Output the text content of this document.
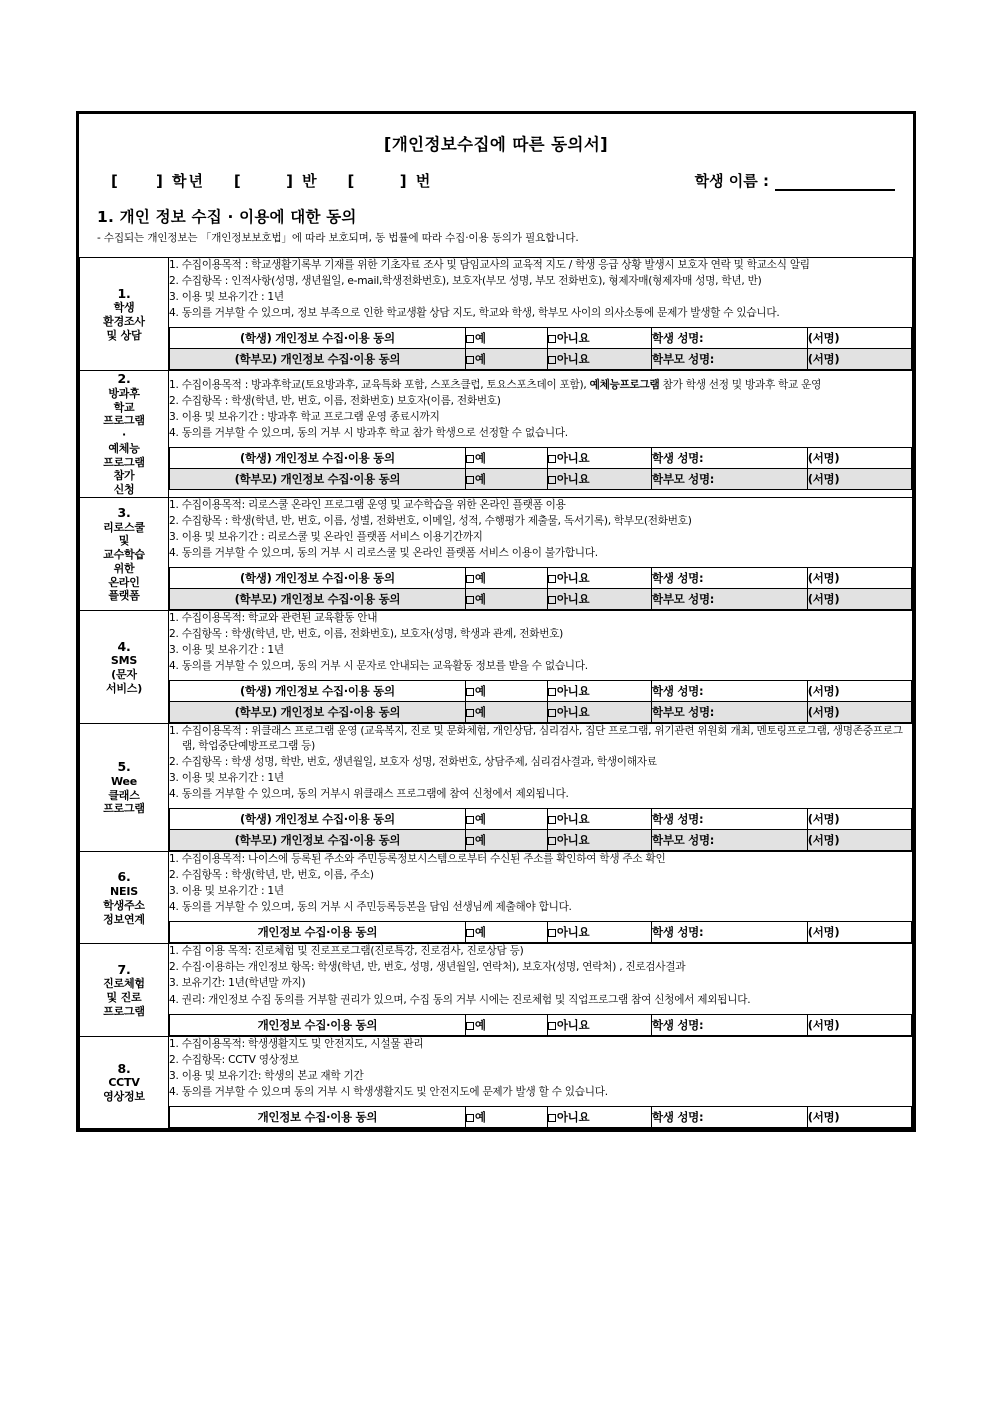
[개인정보수집에 따른 동의서]
[     ] 학년    [      ] 반    [      ] 번	학생 이름 :
1. 개인 정보 수집 · 이용에 대한 동의
- 수집되는 개인정보는 「개인정보보호법」에 따라 보호되며, 동 법률에 따라 수집·이용 동의가 필요합니다.
1.
학생
환경조사
및 상담

1. 수집이용목적 : 학교생활기록부 기재를 위한 기초자료 조사 및 담임교사의 교육적 지도 / 학생 응급 상황 발생시 보호자 연락 및 학교소식 알림
2. 수집항목 : 인적사항(성명, 생년월일, e-mail,학생전화번호), 보호자(부모 성명, 부모 전화번호), 형제자매(형제자매 성명, 학년, 반)
3. 이용 및 보유기간 : 1년
4. 동의를 거부할 수 있으며, 정보 부족으로 인한 학교생활 상담 지도, 학교와 학생, 학부모 사이의 의사소통에 문제가 발생할 수 있습니다.
(학생) 개인정보 수집·이용 동의	예	아니요	학생 성명:	(서명)
(학부모) 개인정보 수집·이용 동의	예	아니요	학부모 성명:	(서명)

2.
방과후
학교
프로그램
·
예체능
프로그램
참가
신청

1. 수집이용목적 : 방과후학교(토요방과후, 교육특화 포함, 스포츠클럽, 토요스포츠데이 포함), 예체능프로그램 참가 학생 선정 및 방과후 학교 운영
2. 수집항목 : 학생(학년, 반, 번호, 이름, 전화번호) 보호자(이름, 전화번호)
3. 이용 및 보유기간 : 방과후 학교 프로그램 운영 종료시까지
4. 동의를 거부할 수 있으며, 동의 거부 시 방과후 학교 참가 학생으로 선정할 수 없습니다.
(학생) 개인정보 수집·이용 동의	예	아니요	학생 성명:	(서명)
(학부모) 개인정보 수집·이용 동의	예	아니요	학부모 성명:	(서명)

3.
리로스쿨
및
교수학습
위한
온라인
플랫폼

1. 수집이용목적: 리로스쿨 온라인 프로그램 운영 및 교수학습을 위한 온라인 플랫폼 이용
2. 수집항목 : 학생(학년, 반, 번호, 이름, 성별, 전화번호, 이메일, 성적, 수행평가 제출물, 독서기록), 학부모(전화번호)
3. 이용 및 보유기간 : 리로스쿨 및 온라인 플랫폼 서비스 이용기간까지
4. 동의를 거부할 수 있으며, 동의 거부 시 리로스쿨 및 온라인 플랫폼 서비스 이용이 불가합니다.
(학생) 개인정보 수집·이용 동의	예	아니요	학생 성명:	(서명)
(학부모) 개인정보 수집·이용 동의	예	아니요	학부모 성명:	(서명)

4.
SMS
(문자
서비스)

1. 수집이용목적: 학교와 관련된 교육활동 안내
2. 수집항목 : 학생(학년, 반, 번호, 이름, 전화번호), 보호자(성명, 학생과 관계, 전화번호)
3. 이용 및 보유기간 : 1년
4. 동의를 거부할 수 있으며, 동의 거부 시 문자로 안내되는 교육활동 정보를 받을 수 없습니다.
(학생) 개인정보 수집·이용 동의	예	아니요	학생 성명:	(서명)
(학부모) 개인정보 수집·이용 동의	예	아니요	학부모 성명:	(서명)

5.
Wee
클래스
프로그램

1. 수집이용목적 : 위클래스 프로그램 운영 (교육복지, 진로 및 문화체험, 개인상담, 심리검사, 집단 프로그램, 위기관련 위원회 개최, 멘토링프로그램, 생명존중프로그램, 학업중단예방프로그램 등)
2. 수집항목 : 학생 성명, 학반, 번호, 생년월일, 보호자 성명, 전화번호, 상담주제, 심리검사결과, 학생이해자료
3. 이용 및 보유기간 : 1년
4. 동의를 거부할 수 있으며, 동의 거부시 위클래스 프로그램에 참여 신청에서 제외됩니다.
(학생) 개인정보 수집·이용 동의	예	아니요	학생 성명:	(서명)
(학부모) 개인정보 수집·이용 동의	예	아니요	학부모 성명:	(서명)

6.
NEIS
학생주소
정보연계

1. 수집이용목적: 나이스에 등록된 주소와 주민등록정보시스템으로부터 수신된 주소를 확인하여 학생 주소 확인
2. 수집항목 : 학생(학년, 반, 번호, 이름, 주소)
3. 이용 및 보유기간 : 1년
4. 동의를 거부할 수 있으며, 동의 거부 시 주민등록등본을 담임 선생님께 제출해야 합니다.
개인정보 수집·이용 동의	예	아니요	학생 성명:	(서명)

7.
진로체험
및 진로
프로그램

1. 수집 이용 목적: 진로체험 및 진로프로그램(진로특강, 진로검사, 진로상담 등)
2. 수집·이용하는 개인정보 항목: 학생(학년, 반, 번호, 성명, 생년월일, 연락처), 보호자(성명, 연락처) , 진로검사결과
3. 보유기간: 1년(학년말 까지)
4. 권리: 개인정보 수집 동의를 거부할 권리가 있으며, 수집 동의 거부 시에는 진로체험 및 직업프로그램 참여 신청에서 제외됩니다.
개인정보 수집·이용 동의	예	아니요	학생 성명:	(서명)

8.
CCTV
영상정보

1. 수집이용목적: 학생생활지도 및 안전지도, 시설물 관리
2. 수집항목: CCTV 영상정보
3. 이용 및 보유기간: 학생의 본교 재학 기간
4. 동의를 거부할 수 있으며 동의 거부 시 학생생활지도 및 안전지도에 문제가 발생 할 수 있습니다.
개인정보 수집·이용 동의	예	아니요	학생 성명:	(서명)
